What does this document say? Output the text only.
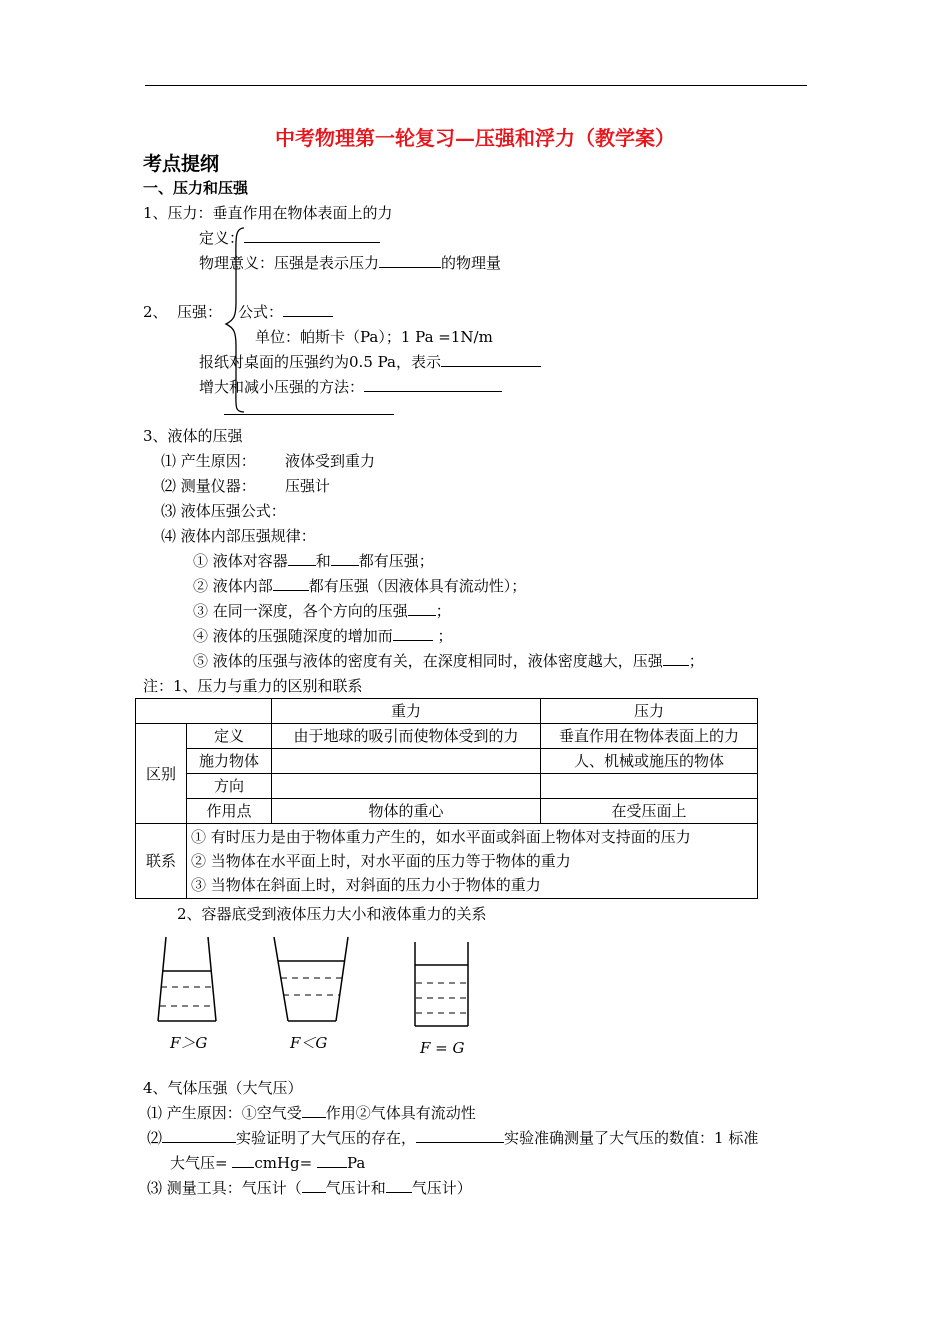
中考物理第一轮复习—压强和浮力（教学案）
考点提纲
一、压力和压强
1、压力：垂直作用在物体表面上的力
定义：
物理意义：压强是表示压力	的物理量
2、 压强： 公式：
单位：帕斯卡（Pa）；1 Pa =1N/m
报纸对桌面的压强约为0.5 Pa，表示
增大和减小压强的方法：
3、液体的压强
⑴ 产生原因： 液体受到重力
⑵ 测量仪器： 压强计
⑶ 液体压强公式：
⑷ 液体内部压强规律：
① 液体对容器 和 都有压强；
② 液体内部 都有压强（因液体具有流动性）；
③ 在同一深度，各个方向的压强 ；
④ 液体的压强随深度的增加而	；
⑤ 液体的压强与液体的密度有关，在深度相同时，液体密度越大，压强 ；
注：1、压力与重力的区别和联系
		重力	压力
区别	定义	由于地球的吸引而使物体受到的力	垂直作用在物体表面上的力
	施力物体		人、机械或施压的物体
	方向		
	作用点	物体的重心	在受压面上
联系	① 有时压力是由于物体重力产生的，如水平面或斜面上物体对支持面的压力
② 当物体在水平面上时，对水平面的压力等于物体的重力
③ 当物体在斜面上时，对斜面的压力小于物体的重力		
2、容器底受到液体压力大小和液体重力的关系
F＞G	F＜G	F = G
4、气体压强（大气压）
⑴ 产生原因：①空气受 作用②气体具有流动性
⑵	实验证明了大气压的存在，	实验准确测量了大气压的数值：1 标准
大气压= cmHg= Pa
⑶ 测量工具：气压计（ 气压计和 气压计）
